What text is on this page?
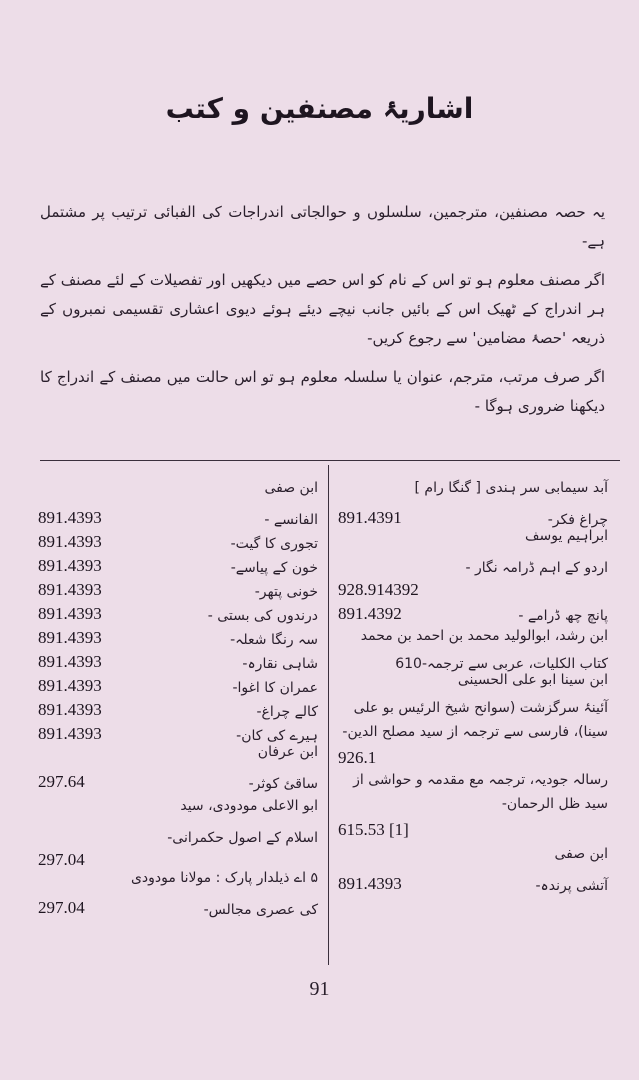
اشاریۂ مصنفین و کتب

یہ حصہ مصنفین، مترجمین، سلسلوں و حوالجاتی اندراجات کی الفبائی ترتیب پر مشتمل ہے-

اگر مصنف معلوم ہو تو اس کے نام کو اس حصے میں دیکھیں اور تفصیلات کے لئے مصنف کے ہر اندراج کے ٹھیک اس کے بائیں جانب نیچے دیئے ہوئے دیوی اعشاری تقسیمی نمبروں کے ذریعہ 'حصۂ مضامین' سے رجوع کریں-

اگر صرف مرتب، مترجم، عنوان یا سلسلہ معلوم ہو تو اس حالت میں مصنف کے اندراج کا دیکھنا ضروری ہوگا -

آبد سیمابی سر ہندی [ گنگا رام ]
چراغ فکر-
891.4391
ابراہیم یوسف
اردو کے اہم ڈرامہ نگار -
928.914392
پانچ چھ ڈرامے -
891.4392
ابن رشد، ابوالولید محمد بن احمد بن محمد
کتاب الکلیات، عربی سے ترجمہ-610
ابن سینا ابو علی الحسینی
آئینۂ سرگزشت (سوانح شیخ الرئیس بو علی سینا)، فارسی سے ترجمہ از سید مصلح الدین-
926.1
رسالہ جودیہ، ترجمہ مع مقدمہ و حواشی از سید ظل الرحمان-
615.53 [1]
ابن صفی
آتشی پرندہ-
891.4393
ابن صفی
الفانسے -
891.4393
تجوری کا گیت-
891.4393
خون کے پیاسے-
891.4393
خونی پتھر-
891.4393
درندوں کی بستی -
891.4393
سہ رنگا شعلہ-
891.4393
شاہی نقارہ-
891.4393
عمران کا اغوا-
891.4393
کالے چراغ-
891.4393
ہیرے کی کان-
891.4393
ابن عرفان
ساقئ کوثر-
297.64
ابو الاعلی مودودی، سید
اسلام کے اصول حکمرانی-
297.04
۵ اے ذیلدار پارک : مولانا مودودی
کی عصری مجالس-
297.04
91
